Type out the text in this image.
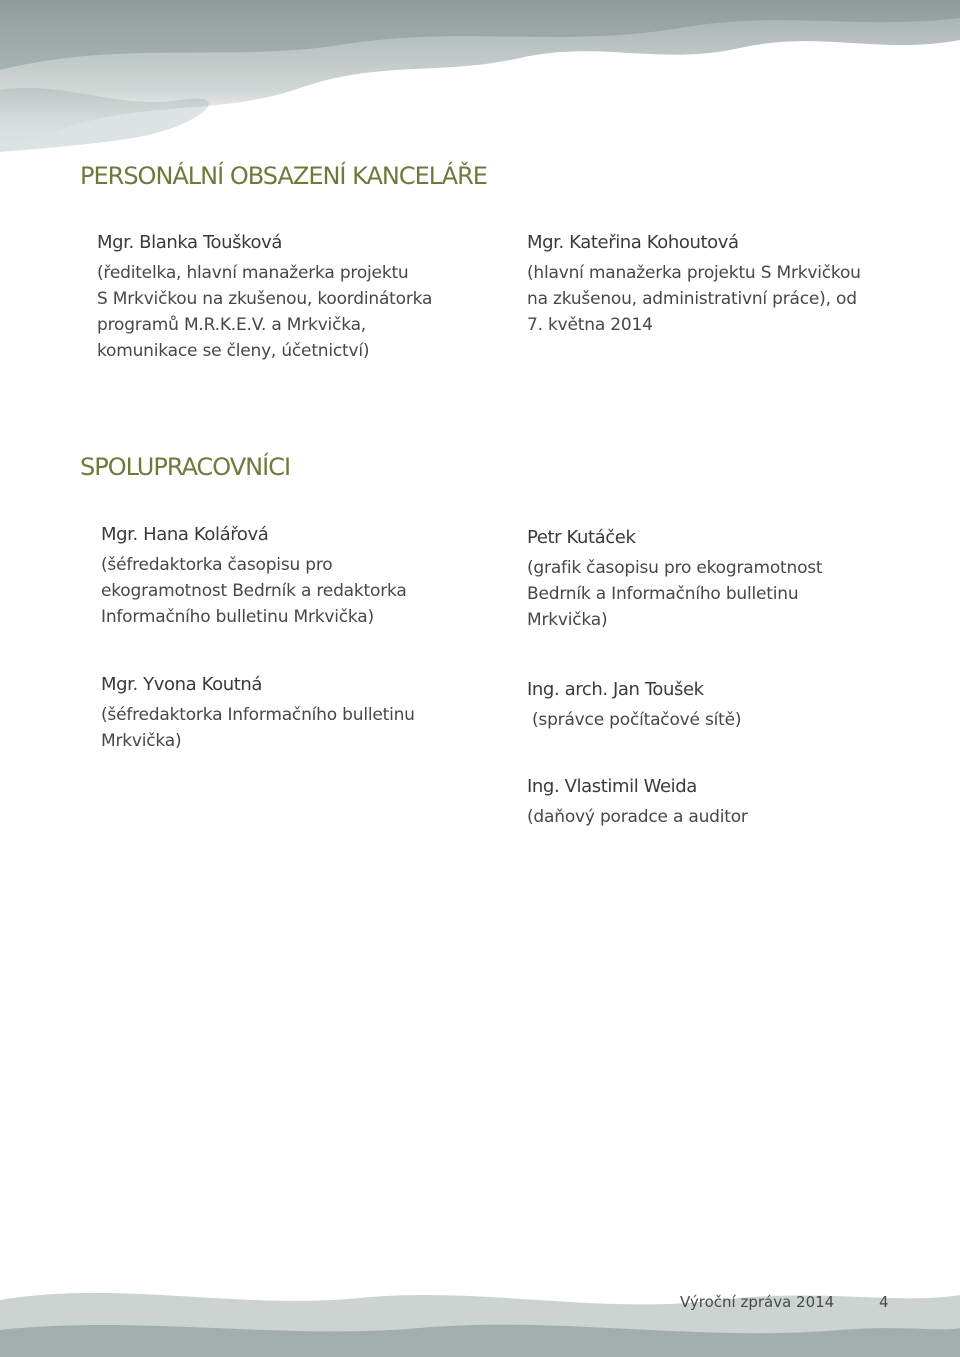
PERSONÁLNÍ OBSAZENÍ KANCELÁŘE
Mgr. Blanka Toušková
(ředitelka, hlavní manažerka projektu
S Mrkvičkou na zkušenou, koordinátorka
programů M.R.K.E.V. a Mrkvička,
komunikace se členy, účetnictví)
Mgr. Kateřina Kohoutová
(hlavní manažerka projektu S Mrkvičkou
na zkušenou, administrativní práce), od
7. května 2014
SPOLUPRACOVNÍCI
Mgr. Hana Kolářová
(šéfredaktorka časopisu pro
ekogramotnost Bedrník a redaktorka
Informačního bulletinu Mrkvička)
Petr Kutáček
(grafik časopisu pro ekogramotnost
Bedrník a Informačního bulletinu
Mrkvička)
Mgr. Yvona Koutná
(šéfredaktorka Informačního bulletinu
Mrkvička)
Ing. arch. Jan Toušek
(správce počítačové sítě)
Ing. Vlastimil Weida
(daňový poradce a auditor
Výroční zpráva 2014	4
